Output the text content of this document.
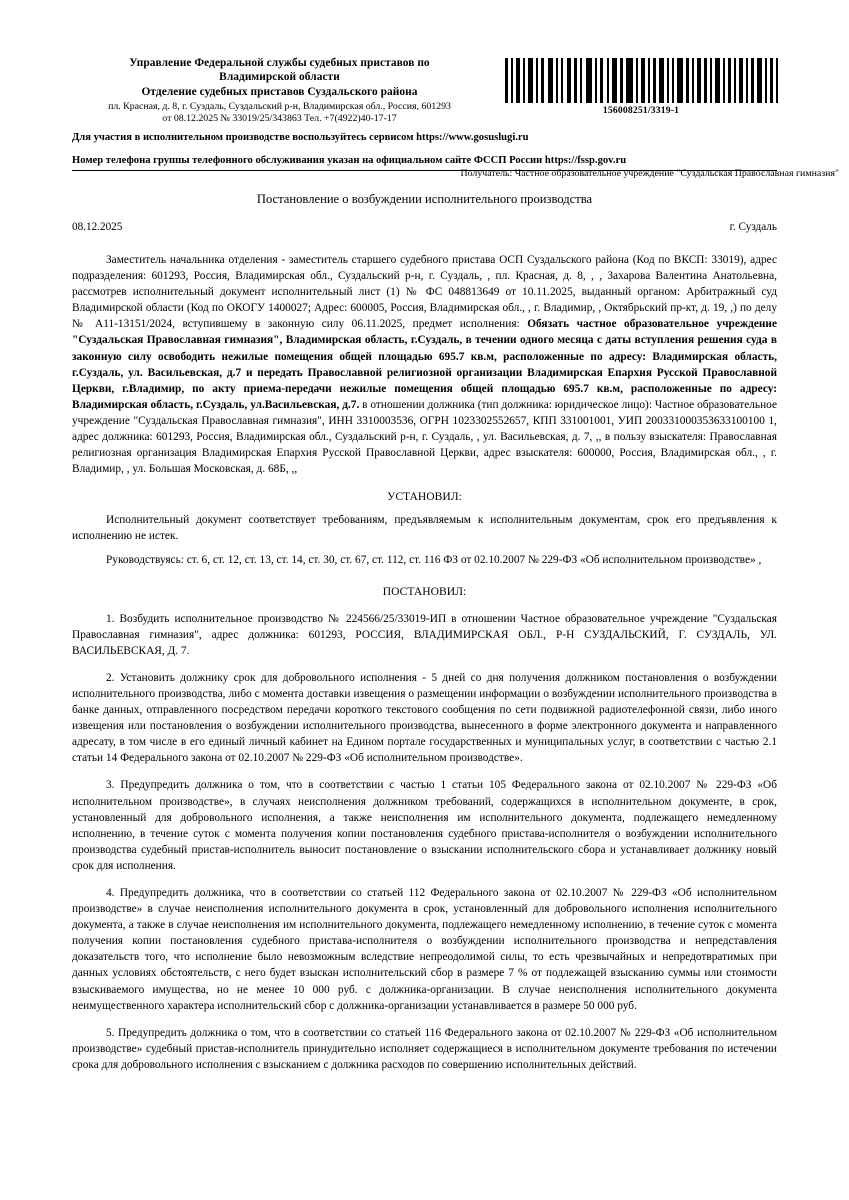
Управление Федеральной службы судебных приставов по
Владимирской области
Отделение судебных приставов Суздальского района
пл. Красная, д. 8, г. Суздаль, Суздальский р-н, Владимирская обл., Россия, 601293
от 08.12.2025 № 33019/25/343863 Тел. +7(4922)40-17-17
156008251/3319-1
Для участия в исполнительном производстве воспользуйтесь сервисом https://www.gosuslugi.ru
Номер телефона группы телефонного обслуживания указан на официальном сайте ФССП России https://fssp.gov.ru
Получатель: Частное образовательное учреждение "Суздальская Православная гимназия"
Постановление о возбуждении исполнительного производства
08.12.2025	г. Суздаль

Заместитель начальника отделения - заместитель старшего судебного пристава ОСП Суздальского района (Код по ВКСП: 33019), адрес подразделения: 601293, Россия, Владимирская обл., Суздальский р-н, г. Суздаль, , пл. Красная, д. 8, , , Захарова Валентина Анатольевна, рассмотрев исполнительный документ исполнительный лист (1) № ФС 048813649 от 10.11.2025, выданный органом: Арбитражный суд Владимирской области (Код по ОКОГУ 1400027; Адрес: 600005, Россия, Владимирская обл., , г. Владимир, , Октябрьский пр-кт, д. 19, ,) по делу № А11-13151/2024, вступившему в законную силу 06.11.2025, предмет исполнения: Обязать частное образовательное учреждение "Суздальская Православная гимназия", Владимирская область, г.Суздаль, в течении одного месяца с даты вступления решения суда в законную силу освободить нежилые помещения общей площадью 695.7 кв.м, расположенные по адресу: Владимирская область, г.Суздаль, ул. Васильевская, д.7 и передать Православной религиозной организации Владимирская Епархия Русской Православной Церкви, г.Владимир, по акту приема-передачи нежилые помещения общей площадью 695.7 кв.м, расположенные по адресу: Владимирская область, г.Суздаль, ул.Васильевская, д.7. в отношении должника (тип должника: юридическое лицо): Частное образовательное учреждение "Суздальская Православная гимназия", ИНН 3310003536, ОГРН 1023302552657, КПП 331001001, УИП 200331000353633100100 1, адрес должника: 601293, Россия, Владимирская обл., Суздальский р-н, г. Суздаль, , ул. Васильевская, д. 7, ,, в пользу взыскателя: Православная религиозная организация Владимирская Епархия Русской Православной Церкви, адрес взыскателя: 600000, Россия, Владимирская обл., , г. Владимир, , ул. Большая Московская, д. 68Б, ,,

УСТАНОВИЛ:

Исполнительный документ соответствует требованиям, предъявляемым к исполнительным документам, срок его предъявления к исполнению не истек.

Руководствуясь: ст. 6, ст. 12, ст. 13, ст. 14, ст. 30, ст. 67, ст. 112, ст. 116 ФЗ от 02.10.2007 № 229-ФЗ «Об исполнительном производстве» ,

ПОСТАНОВИЛ:

1. Возбудить исполнительное производство № 224566/25/33019-ИП в отношении Частное образовательное учреждение "Суздальская Православная гимназия", адрес должника: 601293, РОССИЯ, ВЛАДИМИРСКАЯ ОБЛ., Р-Н СУЗДАЛЬСКИЙ, Г. СУЗДАЛЬ, УЛ. ВАСИЛЬЕВСКАЯ, Д. 7.

2. Установить должнику срок для добровольного исполнения - 5 дней со дня получения должником постановления о возбуждении исполнительного производства, либо с момента доставки извещения о размещении информации о возбуждении исполнительного производства в банке данных, отправленного посредством передачи короткого текстового сообщения по сети подвижной радиотелефонной связи, либо иного извещения или постановления о возбуждении исполнительного производства, вынесенного в форме электронного документа и направленного адресату, в том числе в его единый личный кабинет на Едином портале государственных и муниципальных услуг, в соответствии с частью 2.1 статьи 14 Федерального закона от 02.10.2007 № 229-ФЗ «Об исполнительном производстве».

3. Предупредить должника о том, что в соответствии с частью 1 статьи 105 Федерального закона от 02.10.2007 № 229-ФЗ «Об исполнительном производстве», в случаях неисполнения должником требований, содержащихся в исполнительном документе, в срок, установленный для добровольного исполнения, а также неисполнения им исполнительного документа, подлежащего немедленному исполнению, в течение суток с момента получения копии постановления судебного пристава-исполнителя о возбуждении исполнительного производства судебный пристав-исполнитель выносит постановление о взыскании исполнительского сбора и устанавливает должнику новый срок для исполнения.

4. Предупредить должника, что в соответствии со статьей 112 Федерального закона от 02.10.2007 № 229-ФЗ «Об исполнительном производстве» в случае неисполнения исполнительного документа в срок, установленный для добровольного исполнения исполнительного документа, а также в случае неисполнения им исполнительного документа, подлежащего немедленному исполнению, в течение суток с момента получения копии постановления судебного пристава-исполнителя о возбуждении исполнительного производства и непредставления доказательств того, что исполнение было невозможным вследствие непреодолимой силы, то есть чрезвычайных и непредотвратимых при данных условиях обстоятельств, с него будет взыскан исполнительский сбор в размере 7 % от подлежащей взысканию суммы или стоимости взыскиваемого имущества, но не менее 10 000 руб. с должника-организации. В случае неисполнения исполнительного документа неимущественного характера исполнительский сбор с должника-организации устанавливается в размере 50 000 руб.

5. Предупредить должника о том, что в соответствии со статьей 116 Федерального закона от 02.10.2007 № 229-ФЗ «Об исполнительном производстве» судебный пристав-исполнитель принудительно исполняет содержащиеся в исполнительном документе требования по истечении срока для добровольного исполнения с взысканием с должника расходов по совершению исполнительных действий.
